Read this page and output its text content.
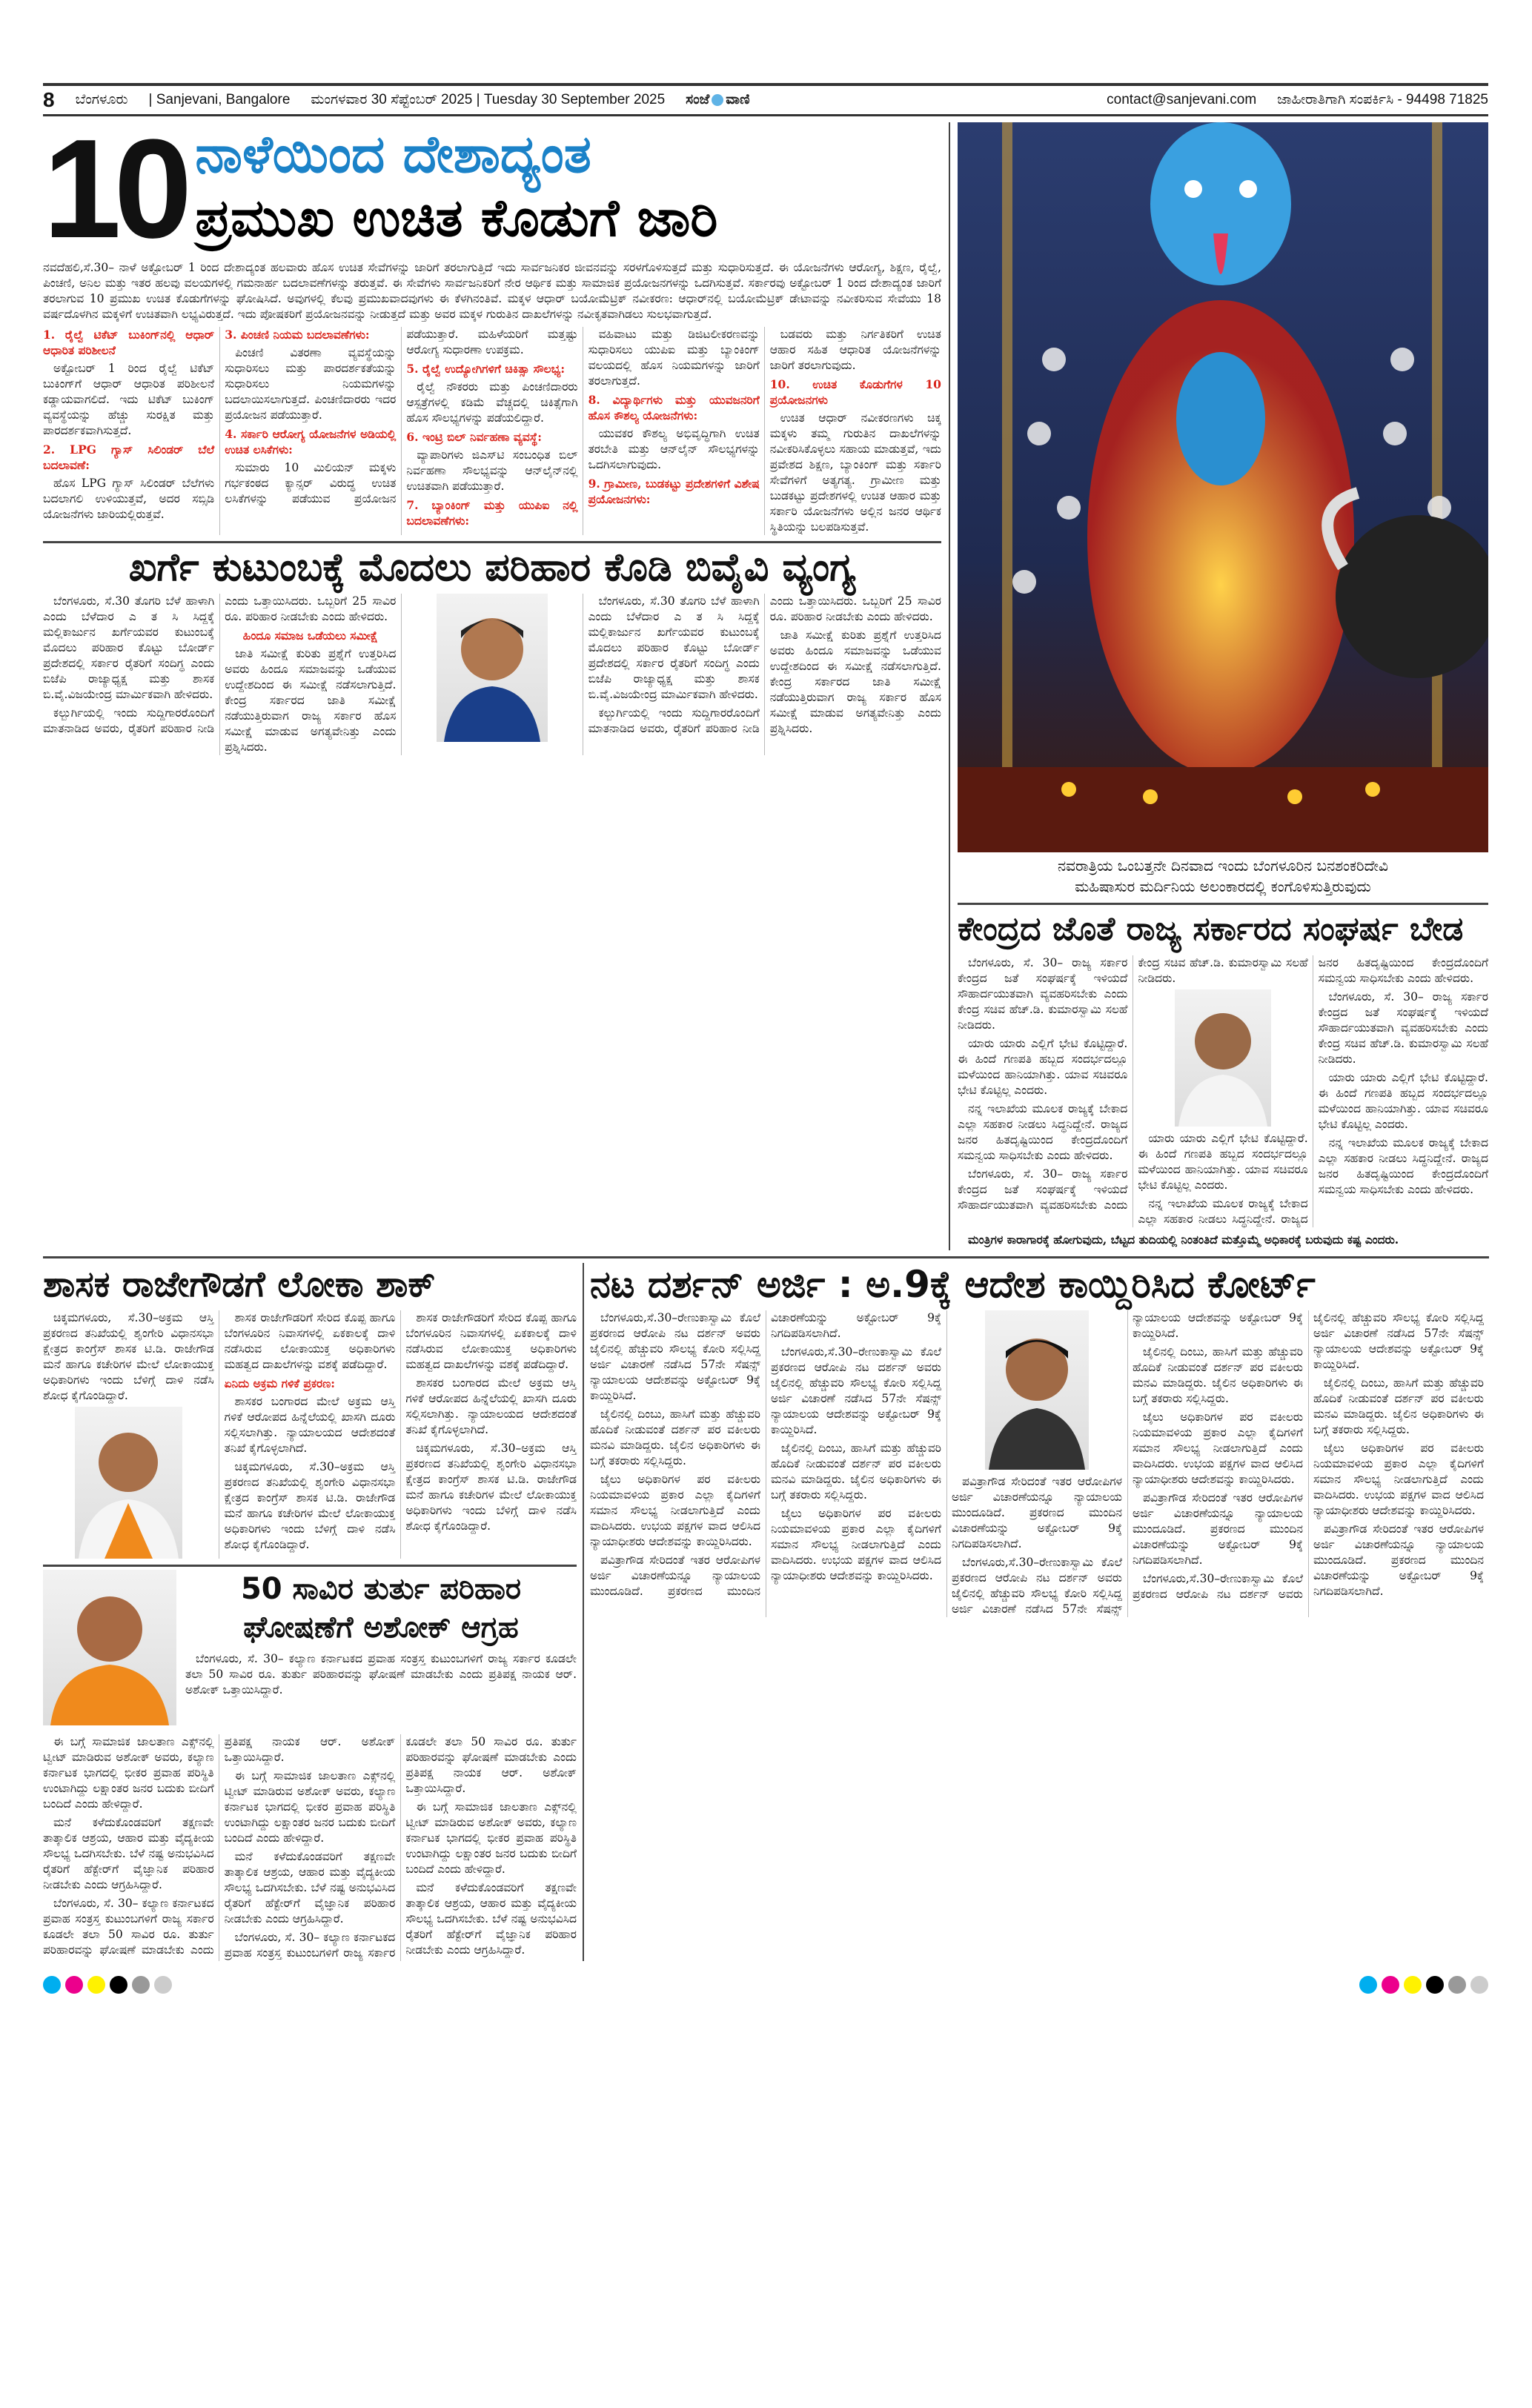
8 ಬೆಂಗಳೂರು | Sanjevani, Bangalore ಮಂಗಳವಾರ 30 ಸೆಪ್ಟೆಂಬರ್ 2025 | Tuesday 30 September 2025 ಸಂಜೆ ವಾಣಿ	contact@sanjevani.com ಜಾಹೀರಾತಿಗಾಗಿ ಸಂಪರ್ಕಿಸಿ - 94498 71825
10 ನಾಳೆಯಿಂದ ದೇಶಾದ್ಯಂತ
ಪ್ರಮುಖ ಉಚಿತ ಕೊಡುಗೆ ಜಾರಿ

ನವದೆಹಲಿ,ಸೆ.30– ನಾಳೆ ಅಕ್ಟೋಬರ್ 1 ರಿಂದ ದೇಶಾದ್ಯಂತ ಹಲವಾರು ಹೊಸ ಉಚಿತ ಸೇವೆಗಳನ್ನು ಜಾರಿಗೆ ತರಲಾಗುತ್ತಿದೆ ಇದು ಸಾರ್ವಜನಿಕರ ಜೀವನವನ್ನು ಸರಳಗೊಳಿಸುತ್ತದೆ ಮತ್ತು ಸುಧಾರಿಸುತ್ತದೆ. ಈ ಯೋಜನೆಗಳು ಆರೋಗ್ಯ, ಶಿಕ್ಷಣ, ರೈಲ್ವೆ, ಪಿಂಚಣಿ, ಅನಿಲ ಮತ್ತು ಇತರ ಹಲವು ವಲಯಗಳಲ್ಲಿ ಗಮನಾರ್ಹ ಬದಲಾವಣೆಗಳನ್ನು ತರುತ್ತವೆ. ಈ ಸೇವೆಗಳು ಸಾರ್ವಜನಿಕರಿಗೆ ನೇರ ಆರ್ಥಿಕ ಮತ್ತು ಸಾಮಾಜಿಕ ಪ್ರಯೋಜನಗಳನ್ನು ಒದಗಿಸುತ್ತವೆ. ಸರ್ಕಾರವು ಅಕ್ಟೋಬರ್ 1 ರಿಂದ ದೇಶಾದ್ಯಂತ ಜಾರಿಗೆ ತರಲಾಗುವ 10 ಪ್ರಮುಖ ಉಚಿತ ಕೊಡುಗೆಗಳನ್ನು ಘೋಷಿಸಿದೆ. ಅವುಗಳಲ್ಲಿ ಕೆಲವು ಪ್ರಮುಖವಾದವುಗಳು ಈ ಕೆಳಗಿನಂತಿವೆ. ಮಕ್ಕಳ ಆಧಾರ್ ಬಯೋಮೆಟ್ರಿಕ್ ನವೀಕರಣ: ಆಧಾರ್‌ನಲ್ಲಿ ಬಯೋಮೆಟ್ರಿಕ್ ಡೇಟಾವನ್ನು ನವೀಕರಿಸುವ ಸೇವೆಯು 18 ವರ್ಷದೊಳಗಿನ ಮಕ್ಕಳಿಗೆ ಉಚಿತವಾಗಿ ಲಭ್ಯವಿರುತ್ತದೆ. ಇದು ಪೋಷಕರಿಗೆ ಪ್ರಯೋಜನವನ್ನು ನೀಡುತ್ತದೆ ಮತ್ತು ಅವರ ಮಕ್ಕಳ ಗುರುತಿನ ದಾಖಲೆಗಳನ್ನು ನವೀಕೃತವಾಗಿಡಲು ಸುಲಭವಾಗುತ್ತದೆ.

1. ರೈಲ್ವೆ ಟಿಕೆಟ್ ಬುಕಿಂಗ್‌ನಲ್ಲಿ ಆಧಾರ್ ಆಧಾರಿತ ಪರಿಶೀಲನೆ

ಅಕ್ಟೋಬರ್ 1 ರಿಂದ ರೈಲ್ವೆ ಟಿಕೆಟ್ ಬುಕಿಂಗ್‌ಗೆ ಆಧಾರ್ ಆಧಾರಿತ ಪರಿಶೀಲನೆ ಕಡ್ಡಾಯವಾಗಲಿದೆ. ಇದು ಟಿಕೆಟ್ ಬುಕಿಂಗ್ ವ್ಯವಸ್ಥೆಯನ್ನು ಹೆಚ್ಚು ಸುರಕ್ಷಿತ ಮತ್ತು ಪಾರದರ್ಶಕವಾಗಿಸುತ್ತದೆ.

2. LPG ಗ್ಯಾಸ್ ಸಿಲಿಂಡರ್ ಬೆಲೆ ಬದಲಾವಣೆ:

ಹೊಸ LPG ಗ್ಯಾಸ್ ಸಿಲಿಂಡರ್ ಬೆಲೆಗಳು ಬದಲಾಗಲಿ ಉಳಿಯುತ್ತವೆ, ಅದರ ಸಬ್ಸಿಡಿ ಯೋಜನೆಗಳು ಜಾರಿಯಲ್ಲಿರುತ್ತವೆ.

3. ಪಿಂಚಣಿ ನಿಯಮ ಬದಲಾವಣೆಗಳು:

ಪಿಂಚಣಿ ವಿತರಣಾ ವ್ಯವಸ್ಥೆಯನ್ನು ಸುಧಾರಿಸಲು ಮತ್ತು ಪಾರದರ್ಶಕತೆಯನ್ನು ಸುಧಾರಿಸಲು ನಿಯಮಗಳನ್ನು ಬದಲಾಯಿಸಲಾಗುತ್ತದೆ. ಪಿಂಚಣಿದಾರರು ಇದರ ಪ್ರಯೋಜನ ಪಡೆಯುತ್ತಾರೆ.

4. ಸರ್ಕಾರಿ ಆರೋಗ್ಯ ಯೋಜನೆಗಳ ಅಡಿಯಲ್ಲಿ ಉಚಿತ ಲಸಿಕೆಗಳು:

ಸುಮಾರು 10 ಮಿಲಿಯನ್ ಮಕ್ಕಳು ಗರ್ಭಕಂಠದ ಕ್ಯಾನ್ಸರ್ ವಿರುದ್ಧ ಉಚಿತ ಲಸಿಕೆಗಳನ್ನು ಪಡೆಯುವ ಪ್ರಯೋಜನ ಪಡೆಯುತ್ತಾರೆ. ಮಹಿಳೆಯರಿಗೆ ಮತ್ತಷ್ಟು ಆರೋಗ್ಯ ಸುಧಾರಣಾ ಉಪಕ್ರಮ.

5. ರೈಲ್ವೆ ಉದ್ಯೋಗಿಗಳಿಗೆ ಚಿಕಿತ್ಸಾ ಸೌಲಭ್ಯ:

ರೈಲ್ವೆ ನೌಕರರು ಮತ್ತು ಪಿಂಚಣಿದಾರರು ಆಸ್ಪತ್ರೆಗಳಲ್ಲಿ ಕಡಿಮೆ ವೆಚ್ಚದಲ್ಲಿ ಚಿಕಿತ್ಸೆಗಾಗಿ ಹೊಸ ಸೌಲಭ್ಯಗಳನ್ನು ಪಡೆಯಲಿದ್ದಾರೆ.

6. ಇಂಟ್ರಿ ಬಿಲ್ ನಿರ್ವಹಣಾ ವ್ಯವಸ್ಥೆ:

ವ್ಯಾಪಾರಿಗಳು ಜಿಎಸ್‌ಟಿ ಸಂಬಂಧಿತ ಬಿಲ್ ನಿರ್ವಹಣಾ ಸೌಲಭ್ಯವನ್ನು ಆನ್‌ಲೈನ್‌ನಲ್ಲಿ ಉಚಿತವಾಗಿ ಪಡೆಯುತ್ತಾರೆ.

7. ಬ್ಯಾಂಕಿಂಗ್ ಮತ್ತು ಯುಪಿಐ ನಲ್ಲಿ ಬದಲಾವಣೆಗಳು:

ವಹಿವಾಟು ಮತ್ತು ಡಿಜಿಟಲೀಕರಣವನ್ನು ಸುಧಾರಿಸಲು ಯುಪಿಐ ಮತ್ತು ಬ್ಯಾಂಕಿಂಗ್ ವಲಯದಲ್ಲಿ ಹೊಸ ನಿಯಮಗಳನ್ನು ಜಾರಿಗೆ ತರಲಾಗುತ್ತದೆ.

8. ವಿದ್ಯಾರ್ಥಿಗಳು ಮತ್ತು ಯುವಜನರಿಗೆ ಹೊಸ ಕೌಶಲ್ಯ ಯೋಜನೆಗಳು:

ಯುವಕರ ಕೌಶಲ್ಯ ಅಭಿವೃದ್ಧಿಗಾಗಿ ಉಚಿತ ತರಬೇತಿ ಮತ್ತು ಆನ್‌ಲೈನ್ ಸೌಲಭ್ಯಗಳನ್ನು ಒದಗಿಸಲಾಗುವುದು.

9. ಗ್ರಾಮೀಣ, ಬುಡಕಟ್ಟು ಪ್ರದೇಶಗಳಿಗೆ ವಿಶೇಷ ಪ್ರಯೋಜನಗಳು:

ಬಡವರು ಮತ್ತು ನಿರ್ಗತಿಕರಿಗೆ ಉಚಿತ ಆಹಾರ ಸಹಿತ ಆಧಾರಿತ ಯೋಜನೆಗಳನ್ನು ಜಾರಿಗೆ ತರಲಾಗುವುದು.

10. ಉಚಿತ ಕೊಡುಗೆಗಳ 10 ಪ್ರಯೋಜನಗಳು

ಉಚಿತ ಆಧಾರ್ ನವೀಕರಣಗಳು ಚಿಕ್ಕ ಮಕ್ಕಳು ತಮ್ಮ ಗುರುತಿನ ದಾಖಲೆಗಳನ್ನು ನವೀಕರಿಸಿಕೊಳ್ಳಲು ಸಹಾಯ ಮಾಡುತ್ತವೆ, ಇದು ಪ್ರವೇಶದ ಶಿಕ್ಷಣ, ಬ್ಯಾಂಕಿಂಗ್ ಮತ್ತು ಸರ್ಕಾರಿ ಸೇವೆಗಳಿಗೆ ಅತ್ಯಗತ್ಯ. ಗ್ರಾಮೀಣ ಮತ್ತು ಬುಡಕಟ್ಟು ಪ್ರದೇಶಗಳಲ್ಲಿ ಉಚಿತ ಆಹಾರ ಮತ್ತು ಸರ್ಕಾರಿ ಯೋಜನೆಗಳು ಅಲ್ಲಿನ ಜನರ ಆರ್ಥಿಕ ಸ್ಥಿತಿಯನ್ನು ಬಲಪಡಿಸುತ್ತವೆ.

ಖರ್ಗೆ ಕುಟುಂಬಕ್ಕೆ ಮೊದಲು ಪರಿಹಾರ ಕೊಡಿ ಬಿವೈವಿ ವ್ಯಂಗ್ಯ

ಬೆಂಗಳೂರು, ಸೆ.30 ತೊಗರಿ ಬೆಳೆ ಹಾಳಾಗಿ ಎಂದು ಬೆಳೆದಾರ ಎ ತ ಸಿ ಸಿದ್ದಕ್ಕೆ ಮಲ್ಲಿಕಾರ್ಜುನ ಖರ್ಗೆಯವರ ಕುಟುಂಬಕ್ಕೆ ಮೊದಲು ಪರಿಹಾರ ಕೊಟ್ಟು ಬೋರ್ಡ್ ಪ್ರದೇಶದಲ್ಲಿ ಸರ್ಕಾರ ರೈತರಿಗೆ ಸಂದಿಗ್ಧ ಎಂದು ಬಿಜೆಪಿ ರಾಜ್ಯಾಧ್ಯಕ್ಷ ಮತ್ತು ಶಾಸಕ ಬಿ.ವೈ.ವಿಜಯೇಂದ್ರ ಮಾರ್ಮಿಕವಾಗಿ ಹೇಳಿದರು.

ಕಲ್ಬುರ್ಗಿಯಲ್ಲಿ ಇಂದು ಸುದ್ದಿಗಾರರೊಂದಿಗೆ ಮಾತನಾಡಿದ ಅವರು, ರೈತರಿಗೆ ಪರಿಹಾರ ನೀಡಿ ಎಂದು ಒತ್ತಾಯಿಸಿದರು. ಒಬ್ಬರಿಗೆ 25 ಸಾವಿರ ರೂ. ಪರಿಹಾರ ನೀಡಬೇಕು ಎಂದು ಹೇಳಿದರು.

ಹಿಂದೂ ಸಮಾಜ ಒಡೆಯಲು ಸಮೀಕ್ಷೆ

ಜಾತಿ ಸಮೀಕ್ಷೆ ಕುರಿತು ಪ್ರಶ್ನೆಗೆ ಉತ್ತರಿಸಿದ ಅವರು ಹಿಂದೂ ಸಮಾಜವನ್ನು ಒಡೆಯುವ ಉದ್ದೇಶದಿಂದ ಈ ಸಮೀಕ್ಷೆ ನಡೆಸಲಾಗುತ್ತಿದೆ. ಕೇಂದ್ರ ಸರ್ಕಾರದ ಜಾತಿ ಸಮೀಕ್ಷೆ ನಡೆಯುತ್ತಿರುವಾಗ ರಾಜ್ಯ ಸರ್ಕಾರ ಹೊಸ ಸಮೀಕ್ಷೆ ಮಾಡುವ ಅಗತ್ಯವೇನಿತ್ತು ಎಂದು ಪ್ರಶ್ನಿಸಿದರು.

ಬೆಂಗಳೂರು, ಸೆ.30 ತೊಗರಿ ಬೆಳೆ ಹಾಳಾಗಿ ಎಂದು ಬೆಳೆದಾರ ಎ ತ ಸಿ ಸಿದ್ದಕ್ಕೆ ಮಲ್ಲಿಕಾರ್ಜುನ ಖರ್ಗೆಯವರ ಕುಟುಂಬಕ್ಕೆ ಮೊದಲು ಪರಿಹಾರ ಕೊಟ್ಟು ಬೋರ್ಡ್ ಪ್ರದೇಶದಲ್ಲಿ ಸರ್ಕಾರ ರೈತರಿಗೆ ಸಂದಿಗ್ಧ ಎಂದು ಬಿಜೆಪಿ ರಾಜ್ಯಾಧ್ಯಕ್ಷ ಮತ್ತು ಶಾಸಕ ಬಿ.ವೈ.ವಿಜಯೇಂದ್ರ ಮಾರ್ಮಿಕವಾಗಿ ಹೇಳಿದರು.

ಕಲ್ಬುರ್ಗಿಯಲ್ಲಿ ಇಂದು ಸುದ್ದಿಗಾರರೊಂದಿಗೆ ಮಾತನಾಡಿದ ಅವರು, ರೈತರಿಗೆ ಪರಿಹಾರ ನೀಡಿ ಎಂದು ಒತ್ತಾಯಿಸಿದರು. ಒಬ್ಬರಿಗೆ 25 ಸಾವಿರ ರೂ. ಪರಿಹಾರ ನೀಡಬೇಕು ಎಂದು ಹೇಳಿದರು.

ಜಾತಿ ಸಮೀಕ್ಷೆ ಕುರಿತು ಪ್ರಶ್ನೆಗೆ ಉತ್ತರಿಸಿದ ಅವರು ಹಿಂದೂ ಸಮಾಜವನ್ನು ಒಡೆಯುವ ಉದ್ದೇಶದಿಂದ ಈ ಸಮೀಕ್ಷೆ ನಡೆಸಲಾಗುತ್ತಿದೆ. ಕೇಂದ್ರ ಸರ್ಕಾರದ ಜಾತಿ ಸಮೀಕ್ಷೆ ನಡೆಯುತ್ತಿರುವಾಗ ರಾಜ್ಯ ಸರ್ಕಾರ ಹೊಸ ಸಮೀಕ್ಷೆ ಮಾಡುವ ಅಗತ್ಯವೇನಿತ್ತು ಎಂದು ಪ್ರಶ್ನಿಸಿದರು.

ನವರಾತ್ರಿಯ ಒಂಬತ್ತನೇ ದಿನವಾದ ಇಂದು ಬೆಂಗಳೂರಿನ ಬನಶಂಕರಿದೇವಿ
ಮಹಿಷಾಸುರ ಮರ್ದಿನಿಯ ಅಲಂಕಾರದಲ್ಲಿ ಕಂಗೊಳಿಸುತ್ತಿರುವುದು
ಕೇಂದ್ರದ ಜೊತೆ ರಾಜ್ಯ ಸರ್ಕಾರದ ಸಂಘರ್ಷ ಬೇಡ

ಬೆಂಗಳೂರು, ಸೆ. 30– ರಾಜ್ಯ ಸರ್ಕಾರ ಕೇಂದ್ರದ ಜತೆ ಸಂಘರ್ಷಕ್ಕೆ ಇಳಿಯದೆ ಸೌಹಾರ್ದಯುತವಾಗಿ ವ್ಯವಹರಿಸಬೇಕು ಎಂದು ಕೇಂದ್ರ ಸಚಿವ ಹೆಚ್.ಡಿ. ಕುಮಾರಸ್ವಾಮಿ ಸಲಹೆ ನೀಡಿದರು.

ಯಾರು ಯಾರು ಎಲ್ಲಿಗೆ ಭೇಟಿ ಕೊಟ್ಟಿದ್ದಾರೆ. ಈ ಹಿಂದೆ ಗಣಪತಿ ಹಬ್ಬದ ಸಂದರ್ಭದಲ್ಲೂ ಮಳೆಯಿಂದ ಹಾನಿಯಾಗಿತ್ತು. ಯಾವ ಸಚಿವರೂ ಭೇಟಿ ಕೊಟ್ಟಿಲ್ಲ ಎಂದರು.

ನನ್ನ ಇಲಾಖೆಯ ಮೂಲಕ ರಾಜ್ಯಕ್ಕೆ ಬೇಕಾದ ಎಲ್ಲಾ ಸಹಕಾರ ನೀಡಲು ಸಿದ್ಧನಿದ್ದೇನೆ. ರಾಜ್ಯದ ಜನರ ಹಿತದೃಷ್ಟಿಯಿಂದ ಕೇಂದ್ರದೊಂದಿಗೆ ಸಮನ್ವಯ ಸಾಧಿಸಬೇಕು ಎಂದು ಹೇಳಿದರು.

ಬೆಂಗಳೂರು, ಸೆ. 30– ರಾಜ್ಯ ಸರ್ಕಾರ ಕೇಂದ್ರದ ಜತೆ ಸಂಘರ್ಷಕ್ಕೆ ಇಳಿಯದೆ ಸೌಹಾರ್ದಯುತವಾಗಿ ವ್ಯವಹರಿಸಬೇಕು ಎಂದು ಕೇಂದ್ರ ಸಚಿವ ಹೆಚ್.ಡಿ. ಕುಮಾರಸ್ವಾಮಿ ಸಲಹೆ ನೀಡಿದರು.

ಯಾರು ಯಾರು ಎಲ್ಲಿಗೆ ಭೇಟಿ ಕೊಟ್ಟಿದ್ದಾರೆ. ಈ ಹಿಂದೆ ಗಣಪತಿ ಹಬ್ಬದ ಸಂದರ್ಭದಲ್ಲೂ ಮಳೆಯಿಂದ ಹಾನಿಯಾಗಿತ್ತು. ಯಾವ ಸಚಿವರೂ ಭೇಟಿ ಕೊಟ್ಟಿಲ್ಲ ಎಂದರು.

ನನ್ನ ಇಲಾಖೆಯ ಮೂಲಕ ರಾಜ್ಯಕ್ಕೆ ಬೇಕಾದ ಎಲ್ಲಾ ಸಹಕಾರ ನೀಡಲು ಸಿದ್ಧನಿದ್ದೇನೆ. ರಾಜ್ಯದ ಜನರ ಹಿತದೃಷ್ಟಿಯಿಂದ ಕೇಂದ್ರದೊಂದಿಗೆ ಸಮನ್ವಯ ಸಾಧಿಸಬೇಕು ಎಂದು ಹೇಳಿದರು.

ಬೆಂಗಳೂರು, ಸೆ. 30– ರಾಜ್ಯ ಸರ್ಕಾರ ಕೇಂದ್ರದ ಜತೆ ಸಂಘರ್ಷಕ್ಕೆ ಇಳಿಯದೆ ಸೌಹಾರ್ದಯುತವಾಗಿ ವ್ಯವಹರಿಸಬೇಕು ಎಂದು ಕೇಂದ್ರ ಸಚಿವ ಹೆಚ್.ಡಿ. ಕುಮಾರಸ್ವಾಮಿ ಸಲಹೆ ನೀಡಿದರು.

ಯಾರು ಯಾರು ಎಲ್ಲಿಗೆ ಭೇಟಿ ಕೊಟ್ಟಿದ್ದಾರೆ. ಈ ಹಿಂದೆ ಗಣಪತಿ ಹಬ್ಬದ ಸಂದರ್ಭದಲ್ಲೂ ಮಳೆಯಿಂದ ಹಾನಿಯಾಗಿತ್ತು. ಯಾವ ಸಚಿವರೂ ಭೇಟಿ ಕೊಟ್ಟಿಲ್ಲ ಎಂದರು.

ನನ್ನ ಇಲಾಖೆಯ ಮೂಲಕ ರಾಜ್ಯಕ್ಕೆ ಬೇಕಾದ ಎಲ್ಲಾ ಸಹಕಾರ ನೀಡಲು ಸಿದ್ಧನಿದ್ದೇನೆ. ರಾಜ್ಯದ ಜನರ ಹಿತದೃಷ್ಟಿಯಿಂದ ಕೇಂದ್ರದೊಂದಿಗೆ ಸಮನ್ವಯ ಸಾಧಿಸಬೇಕು ಎಂದು ಹೇಳಿದರು.

ಮಂತ್ರಿಗಳ ಕಾರಾಗಾರಕ್ಕೆ ಹೋಗುವುದು, ಬೆಟ್ಟದ ತುದಿಯಲ್ಲಿ ನಿಂತಂತಿದೆ ಮತ್ತೊಮ್ಮೆ ಅಧಿಕಾರಕ್ಕೆ ಬರುವುದು ಕಷ್ಟ ಎಂದರು.

ಶಾಸಕ ರಾಜೇಗೌಡಗೆ ಲೋಕಾ ಶಾಕ್

ಚಿಕ್ಕಮಗಳೂರು, ಸೆ.30–ಅಕ್ರಮ ಆಸ್ತಿ ಪ್ರಕರಣದ ತನಿಖೆಯಲ್ಲಿ ಶೃಂಗೇರಿ ವಿಧಾನಸಭಾ ಕ್ಷೇತ್ರದ ಕಾಂಗ್ರೆಸ್ ಶಾಸಕ ಟಿ.ಡಿ. ರಾಜೇಗೌಡ ಮನೆ ಹಾಗೂ ಕಚೇರಿಗಳ ಮೇಲೆ ಲೋಕಾಯುಕ್ತ ಅಧಿಕಾರಿಗಳು ಇಂದು ಬೆಳಿಗ್ಗೆ ದಾಳಿ ನಡೆಸಿ ಶೋಧ ಕೈಗೊಂಡಿದ್ದಾರೆ.

ಶಾಸಕ ರಾಜೇಗೌಡರಿಗೆ ಸೇರಿದ ಕೊಪ್ಪ ಹಾಗೂ ಬೆಂಗಳೂರಿನ ನಿವಾಸಗಳಲ್ಲಿ ಏಕಕಾಲಕ್ಕೆ ದಾಳಿ ನಡೆಸಿರುವ ಲೋಕಾಯುಕ್ತ ಅಧಿಕಾರಿಗಳು ಮಹತ್ವದ ದಾಖಲೆಗಳನ್ನು ವಶಕ್ಕೆ ಪಡೆದಿದ್ದಾರೆ.

ಏನಿದು ಅಕ್ರಮ ಗಳಿಕೆ ಪ್ರಕರಣ:

ಶಾಸಕರ ಬಂಗಾರದ ಮೇಲೆ ಅಕ್ರಮ ಆಸ್ತಿ ಗಳಿಕೆ ಆರೋಪದ ಹಿನ್ನೆಲೆಯಲ್ಲಿ ಖಾಸಗಿ ದೂರು ಸಲ್ಲಿಸಲಾಗಿತ್ತು. ನ್ಯಾಯಾಲಯದ ಆದೇಶದಂತೆ ತನಿಖೆ ಕೈಗೊಳ್ಳಲಾಗಿದೆ.

ಚಿಕ್ಕಮಗಳೂರು, ಸೆ.30–ಅಕ್ರಮ ಆಸ್ತಿ ಪ್ರಕರಣದ ತನಿಖೆಯಲ್ಲಿ ಶೃಂಗೇರಿ ವಿಧಾನಸಭಾ ಕ್ಷೇತ್ರದ ಕಾಂಗ್ರೆಸ್ ಶಾಸಕ ಟಿ.ಡಿ. ರಾಜೇಗೌಡ ಮನೆ ಹಾಗೂ ಕಚೇರಿಗಳ ಮೇಲೆ ಲೋಕಾಯುಕ್ತ ಅಧಿಕಾರಿಗಳು ಇಂದು ಬೆಳಿಗ್ಗೆ ದಾಳಿ ನಡೆಸಿ ಶೋಧ ಕೈಗೊಂಡಿದ್ದಾರೆ.

ಶಾಸಕ ರಾಜೇಗೌಡರಿಗೆ ಸೇರಿದ ಕೊಪ್ಪ ಹಾಗೂ ಬೆಂಗಳೂರಿನ ನಿವಾಸಗಳಲ್ಲಿ ಏಕಕಾಲಕ್ಕೆ ದಾಳಿ ನಡೆಸಿರುವ ಲೋಕಾಯುಕ್ತ ಅಧಿಕಾರಿಗಳು ಮಹತ್ವದ ದಾಖಲೆಗಳನ್ನು ವಶಕ್ಕೆ ಪಡೆದಿದ್ದಾರೆ.

ಶಾಸಕರ ಬಂಗಾರದ ಮೇಲೆ ಅಕ್ರಮ ಆಸ್ತಿ ಗಳಿಕೆ ಆರೋಪದ ಹಿನ್ನೆಲೆಯಲ್ಲಿ ಖಾಸಗಿ ದೂರು ಸಲ್ಲಿಸಲಾಗಿತ್ತು. ನ್ಯಾಯಾಲಯದ ಆದೇಶದಂತೆ ತನಿಖೆ ಕೈಗೊಳ್ಳಲಾಗಿದೆ.

ಚಿಕ್ಕಮಗಳೂರು, ಸೆ.30–ಅಕ್ರಮ ಆಸ್ತಿ ಪ್ರಕರಣದ ತನಿಖೆಯಲ್ಲಿ ಶೃಂಗೇರಿ ವಿಧಾನಸಭಾ ಕ್ಷೇತ್ರದ ಕಾಂಗ್ರೆಸ್ ಶಾಸಕ ಟಿ.ಡಿ. ರಾಜೇಗೌಡ ಮನೆ ಹಾಗೂ ಕಚೇರಿಗಳ ಮೇಲೆ ಲೋಕಾಯುಕ್ತ ಅಧಿಕಾರಿಗಳು ಇಂದು ಬೆಳಿಗ್ಗೆ ದಾಳಿ ನಡೆಸಿ ಶೋಧ ಕೈಗೊಂಡಿದ್ದಾರೆ.

50 ಸಾವಿರ ತುರ್ತು ಪರಿಹಾರ ಘೋಷಣೆಗೆ ಅಶೋಕ್ ಆಗ್ರಹ

ಬೆಂಗಳೂರು, ಸೆ. 30– ಕಲ್ಯಾಣ ಕರ್ನಾಟಕದ ಪ್ರವಾಹ ಸಂತ್ರಸ್ತ ಕುಟುಂಬಗಳಿಗೆ ರಾಜ್ಯ ಸರ್ಕಾರ ಕೂಡಲೇ ತಲಾ 50 ಸಾವಿರ ರೂ. ತುರ್ತು ಪರಿಹಾರವನ್ನು ಘೋಷಣೆ ಮಾಡಬೇಕು ಎಂದು ಪ್ರತಿಪಕ್ಷ ನಾಯಕ ಆರ್. ಅಶೋಕ್ ಒತ್ತಾಯಿಸಿದ್ದಾರೆ.

ಈ ಬಗ್ಗೆ ಸಾಮಾಜಿಕ ಜಾಲತಾಣ ಎಕ್ಸ್‌ನಲ್ಲಿ ಟ್ವೀಟ್ ಮಾಡಿರುವ ಅಶೋಕ್ ಅವರು, ಕಲ್ಯಾಣ ಕರ್ನಾಟಕ ಭಾಗದಲ್ಲಿ ಭೀಕರ ಪ್ರವಾಹ ಪರಿಸ್ಥಿತಿ ಉಂಟಾಗಿದ್ದು ಲಕ್ಷಾಂತರ ಜನರ ಬದುಕು ಬೀದಿಗೆ ಬಂದಿದೆ ಎಂದು ಹೇಳಿದ್ದಾರೆ.

ಮನೆ ಕಳೆದುಕೊಂಡವರಿಗೆ ತಕ್ಷಣವೇ ತಾತ್ಕಾಲಿಕ ಆಶ್ರಯ, ಆಹಾರ ಮತ್ತು ವೈದ್ಯಕೀಯ ಸೌಲಭ್ಯ ಒದಗಿಸಬೇಕು. ಬೆಳೆ ನಷ್ಟ ಅನುಭವಿಸಿದ ರೈತರಿಗೆ ಹೆಕ್ಟೇರ್‌ಗೆ ವೈಜ್ಞಾನಿಕ ಪರಿಹಾರ ನೀಡಬೇಕು ಎಂದು ಆಗ್ರಹಿಸಿದ್ದಾರೆ.

ಬೆಂಗಳೂರು, ಸೆ. 30– ಕಲ್ಯಾಣ ಕರ್ನಾಟಕದ ಪ್ರವಾಹ ಸಂತ್ರಸ್ತ ಕುಟುಂಬಗಳಿಗೆ ರಾಜ್ಯ ಸರ್ಕಾರ ಕೂಡಲೇ ತಲಾ 50 ಸಾವಿರ ರೂ. ತುರ್ತು ಪರಿಹಾರವನ್ನು ಘೋಷಣೆ ಮಾಡಬೇಕು ಎಂದು ಪ್ರತಿಪಕ್ಷ ನಾಯಕ ಆರ್. ಅಶೋಕ್ ಒತ್ತಾಯಿಸಿದ್ದಾರೆ.

ಈ ಬಗ್ಗೆ ಸಾಮಾಜಿಕ ಜಾಲತಾಣ ಎಕ್ಸ್‌ನಲ್ಲಿ ಟ್ವೀಟ್ ಮಾಡಿರುವ ಅಶೋಕ್ ಅವರು, ಕಲ್ಯಾಣ ಕರ್ನಾಟಕ ಭಾಗದಲ್ಲಿ ಭೀಕರ ಪ್ರವಾಹ ಪರಿಸ್ಥಿತಿ ಉಂಟಾಗಿದ್ದು ಲಕ್ಷಾಂತರ ಜನರ ಬದುಕು ಬೀದಿಗೆ ಬಂದಿದೆ ಎಂದು ಹೇಳಿದ್ದಾರೆ.

ಮನೆ ಕಳೆದುಕೊಂಡವರಿಗೆ ತಕ್ಷಣವೇ ತಾತ್ಕಾಲಿಕ ಆಶ್ರಯ, ಆಹಾರ ಮತ್ತು ವೈದ್ಯಕೀಯ ಸೌಲಭ್ಯ ಒದಗಿಸಬೇಕು. ಬೆಳೆ ನಷ್ಟ ಅನುಭವಿಸಿದ ರೈತರಿಗೆ ಹೆಕ್ಟೇರ್‌ಗೆ ವೈಜ್ಞಾನಿಕ ಪರಿಹಾರ ನೀಡಬೇಕು ಎಂದು ಆಗ್ರಹಿಸಿದ್ದಾರೆ.

ಬೆಂಗಳೂರು, ಸೆ. 30– ಕಲ್ಯಾಣ ಕರ್ನಾಟಕದ ಪ್ರವಾಹ ಸಂತ್ರಸ್ತ ಕುಟುಂಬಗಳಿಗೆ ರಾಜ್ಯ ಸರ್ಕಾರ ಕೂಡಲೇ ತಲಾ 50 ಸಾವಿರ ರೂ. ತುರ್ತು ಪರಿಹಾರವನ್ನು ಘೋಷಣೆ ಮಾಡಬೇಕು ಎಂದು ಪ್ರತಿಪಕ್ಷ ನಾಯಕ ಆರ್. ಅಶೋಕ್ ಒತ್ತಾಯಿಸಿದ್ದಾರೆ.

ಈ ಬಗ್ಗೆ ಸಾಮಾಜಿಕ ಜಾಲತಾಣ ಎಕ್ಸ್‌ನಲ್ಲಿ ಟ್ವೀಟ್ ಮಾಡಿರುವ ಅಶೋಕ್ ಅವರು, ಕಲ್ಯಾಣ ಕರ್ನಾಟಕ ಭಾಗದಲ್ಲಿ ಭೀಕರ ಪ್ರವಾಹ ಪರಿಸ್ಥಿತಿ ಉಂಟಾಗಿದ್ದು ಲಕ್ಷಾಂತರ ಜನರ ಬದುಕು ಬೀದಿಗೆ ಬಂದಿದೆ ಎಂದು ಹೇಳಿದ್ದಾರೆ.

ಮನೆ ಕಳೆದುಕೊಂಡವರಿಗೆ ತಕ್ಷಣವೇ ತಾತ್ಕಾಲಿಕ ಆಶ್ರಯ, ಆಹಾರ ಮತ್ತು ವೈದ್ಯಕೀಯ ಸೌಲಭ್ಯ ಒದಗಿಸಬೇಕು. ಬೆಳೆ ನಷ್ಟ ಅನುಭವಿಸಿದ ರೈತರಿಗೆ ಹೆಕ್ಟೇರ್‌ಗೆ ವೈಜ್ಞಾನಿಕ ಪರಿಹಾರ ನೀಡಬೇಕು ಎಂದು ಆಗ್ರಹಿಸಿದ್ದಾರೆ.

ನಟ ದರ್ಶನ್ ಅರ್ಜಿ : ಅ.9ಕ್ಕೆ ಆದೇಶ ಕಾಯ್ದಿರಿಸಿದ ಕೋರ್ಟ್

ಬೆಂಗಳೂರು,ಸೆ.30–ರೇಣುಕಾಸ್ವಾಮಿ ಕೊಲೆ ಪ್ರಕರಣದ ಆರೋಪಿ ನಟ ದರ್ಶನ್ ಅವರು ಜೈಲಿನಲ್ಲಿ ಹೆಚ್ಚುವರಿ ಸೌಲಭ್ಯ ಕೋರಿ ಸಲ್ಲಿಸಿದ್ದ ಅರ್ಜಿ ವಿಚಾರಣೆ ನಡೆಸಿದ 57ನೇ ಸೆಷನ್ಸ್ ನ್ಯಾಯಾಲಯ ಆದೇಶವನ್ನು ಅಕ್ಟೋಬರ್ 9ಕ್ಕೆ ಕಾಯ್ದಿರಿಸಿದೆ.

ಜೈಲಿನಲ್ಲಿ ದಿಂಬು, ಹಾಸಿಗೆ ಮತ್ತು ಹೆಚ್ಚುವರಿ ಹೊದಿಕೆ ನೀಡುವಂತೆ ದರ್ಶನ್ ಪರ ವಕೀಲರು ಮನವಿ ಮಾಡಿದ್ದರು. ಜೈಲಿನ ಅಧಿಕಾರಿಗಳು ಈ ಬಗ್ಗೆ ತಕರಾರು ಸಲ್ಲಿಸಿದ್ದರು.

ಜೈಲು ಅಧಿಕಾರಿಗಳ ಪರ ವಕೀಲರು ನಿಯಮಾವಳಿಯ ಪ್ರಕಾರ ಎಲ್ಲಾ ಕೈದಿಗಳಿಗೆ ಸಮಾನ ಸೌಲಭ್ಯ ನೀಡಲಾಗುತ್ತಿದೆ ಎಂದು ವಾದಿಸಿದರು. ಉಭಯ ಪಕ್ಷಗಳ ವಾದ ಆಲಿಸಿದ ನ್ಯಾಯಾಧೀಶರು ಆದೇಶವನ್ನು ಕಾಯ್ದಿರಿಸಿದರು.

ಪವಿತ್ರಾಗೌಡ ಸೇರಿದಂತೆ ಇತರ ಆರೋಪಿಗಳ ಅರ್ಜಿ ವಿಚಾರಣೆಯನ್ನೂ ನ್ಯಾಯಾಲಯ ಮುಂದೂಡಿದೆ. ಪ್ರಕರಣದ ಮುಂದಿನ ವಿಚಾರಣೆಯನ್ನು ಅಕ್ಟೋಬರ್ 9ಕ್ಕೆ ನಿಗದಿಪಡಿಸಲಾಗಿದೆ.

ಬೆಂಗಳೂರು,ಸೆ.30–ರೇಣುಕಾಸ್ವಾಮಿ ಕೊಲೆ ಪ್ರಕರಣದ ಆರೋಪಿ ನಟ ದರ್ಶನ್ ಅವರು ಜೈಲಿನಲ್ಲಿ ಹೆಚ್ಚುವರಿ ಸೌಲಭ್ಯ ಕೋರಿ ಸಲ್ಲಿಸಿದ್ದ ಅರ್ಜಿ ವಿಚಾರಣೆ ನಡೆಸಿದ 57ನೇ ಸೆಷನ್ಸ್ ನ್ಯಾಯಾಲಯ ಆದೇಶವನ್ನು ಅಕ್ಟೋಬರ್ 9ಕ್ಕೆ ಕಾಯ್ದಿರಿಸಿದೆ.

ಜೈಲಿನಲ್ಲಿ ದಿಂಬು, ಹಾಸಿಗೆ ಮತ್ತು ಹೆಚ್ಚುವರಿ ಹೊದಿಕೆ ನೀಡುವಂತೆ ದರ್ಶನ್ ಪರ ವಕೀಲರು ಮನವಿ ಮಾಡಿದ್ದರು. ಜೈಲಿನ ಅಧಿಕಾರಿಗಳು ಈ ಬಗ್ಗೆ ತಕರಾರು ಸಲ್ಲಿಸಿದ್ದರು.

ಜೈಲು ಅಧಿಕಾರಿಗಳ ಪರ ವಕೀಲರು ನಿಯಮಾವಳಿಯ ಪ್ರಕಾರ ಎಲ್ಲಾ ಕೈದಿಗಳಿಗೆ ಸಮಾನ ಸೌಲಭ್ಯ ನೀಡಲಾಗುತ್ತಿದೆ ಎಂದು ವಾದಿಸಿದರು. ಉಭಯ ಪಕ್ಷಗಳ ವಾದ ಆಲಿಸಿದ ನ್ಯಾಯಾಧೀಶರು ಆದೇಶವನ್ನು ಕಾಯ್ದಿರಿಸಿದರು.

ಪವಿತ್ರಾಗೌಡ ಸೇರಿದಂತೆ ಇತರ ಆರೋಪಿಗಳ ಅರ್ಜಿ ವಿಚಾರಣೆಯನ್ನೂ ನ್ಯಾಯಾಲಯ ಮುಂದೂಡಿದೆ. ಪ್ರಕರಣದ ಮುಂದಿನ ವಿಚಾರಣೆಯನ್ನು ಅಕ್ಟೋಬರ್ 9ಕ್ಕೆ ನಿಗದಿಪಡಿಸಲಾಗಿದೆ.

ಬೆಂಗಳೂರು,ಸೆ.30–ರೇಣುಕಾಸ್ವಾಮಿ ಕೊಲೆ ಪ್ರಕರಣದ ಆರೋಪಿ ನಟ ದರ್ಶನ್ ಅವರು ಜೈಲಿನಲ್ಲಿ ಹೆಚ್ಚುವರಿ ಸೌಲಭ್ಯ ಕೋರಿ ಸಲ್ಲಿಸಿದ್ದ ಅರ್ಜಿ ವಿಚಾರಣೆ ನಡೆಸಿದ 57ನೇ ಸೆಷನ್ಸ್ ನ್ಯಾಯಾಲಯ ಆದೇಶವನ್ನು ಅಕ್ಟೋಬರ್ 9ಕ್ಕೆ ಕಾಯ್ದಿರಿಸಿದೆ.

ಜೈಲಿನಲ್ಲಿ ದಿಂಬು, ಹಾಸಿಗೆ ಮತ್ತು ಹೆಚ್ಚುವರಿ ಹೊದಿಕೆ ನೀಡುವಂತೆ ದರ್ಶನ್ ಪರ ವಕೀಲರು ಮನವಿ ಮಾಡಿದ್ದರು. ಜೈಲಿನ ಅಧಿಕಾರಿಗಳು ಈ ಬಗ್ಗೆ ತಕರಾರು ಸಲ್ಲಿಸಿದ್ದರು.

ಜೈಲು ಅಧಿಕಾರಿಗಳ ಪರ ವಕೀಲರು ನಿಯಮಾವಳಿಯ ಪ್ರಕಾರ ಎಲ್ಲಾ ಕೈದಿಗಳಿಗೆ ಸಮಾನ ಸೌಲಭ್ಯ ನೀಡಲಾಗುತ್ತಿದೆ ಎಂದು ವಾದಿಸಿದರು. ಉಭಯ ಪಕ್ಷಗಳ ವಾದ ಆಲಿಸಿದ ನ್ಯಾಯಾಧೀಶರು ಆದೇಶವನ್ನು ಕಾಯ್ದಿರಿಸಿದರು.

ಪವಿತ್ರಾಗೌಡ ಸೇರಿದಂತೆ ಇತರ ಆರೋಪಿಗಳ ಅರ್ಜಿ ವಿಚಾರಣೆಯನ್ನೂ ನ್ಯಾಯಾಲಯ ಮುಂದೂಡಿದೆ. ಪ್ರಕರಣದ ಮುಂದಿನ ವಿಚಾರಣೆಯನ್ನು ಅಕ್ಟೋಬರ್ 9ಕ್ಕೆ ನಿಗದಿಪಡಿಸಲಾಗಿದೆ.

ಬೆಂಗಳೂರು,ಸೆ.30–ರೇಣುಕಾಸ್ವಾಮಿ ಕೊಲೆ ಪ್ರಕರಣದ ಆರೋಪಿ ನಟ ದರ್ಶನ್ ಅವರು ಜೈಲಿನಲ್ಲಿ ಹೆಚ್ಚುವರಿ ಸೌಲಭ್ಯ ಕೋರಿ ಸಲ್ಲಿಸಿದ್ದ ಅರ್ಜಿ ವಿಚಾರಣೆ ನಡೆಸಿದ 57ನೇ ಸೆಷನ್ಸ್ ನ್ಯಾಯಾಲಯ ಆದೇಶವನ್ನು ಅಕ್ಟೋಬರ್ 9ಕ್ಕೆ ಕಾಯ್ದಿರಿಸಿದೆ.

ಜೈಲಿನಲ್ಲಿ ದಿಂಬು, ಹಾಸಿಗೆ ಮತ್ತು ಹೆಚ್ಚುವರಿ ಹೊದಿಕೆ ನೀಡುವಂತೆ ದರ್ಶನ್ ಪರ ವಕೀಲರು ಮನವಿ ಮಾಡಿದ್ದರು. ಜೈಲಿನ ಅಧಿಕಾರಿಗಳು ಈ ಬಗ್ಗೆ ತಕರಾರು ಸಲ್ಲಿಸಿದ್ದರು.

ಜೈಲು ಅಧಿಕಾರಿಗಳ ಪರ ವಕೀಲರು ನಿಯಮಾವಳಿಯ ಪ್ರಕಾರ ಎಲ್ಲಾ ಕೈದಿಗಳಿಗೆ ಸಮಾನ ಸೌಲಭ್ಯ ನೀಡಲಾಗುತ್ತಿದೆ ಎಂದು ವಾದಿಸಿದರು. ಉಭಯ ಪಕ್ಷಗಳ ವಾದ ಆಲಿಸಿದ ನ್ಯಾಯಾಧೀಶರು ಆದೇಶವನ್ನು ಕಾಯ್ದಿರಿಸಿದರು.

ಪವಿತ್ರಾಗೌಡ ಸೇರಿದಂತೆ ಇತರ ಆರೋಪಿಗಳ ಅರ್ಜಿ ವಿಚಾರಣೆಯನ್ನೂ ನ್ಯಾಯಾಲಯ ಮುಂದೂಡಿದೆ. ಪ್ರಕರಣದ ಮುಂದಿನ ವಿಚಾರಣೆಯನ್ನು ಅಕ್ಟೋಬರ್ 9ಕ್ಕೆ ನಿಗದಿಪಡಿಸಲಾಗಿದೆ.
